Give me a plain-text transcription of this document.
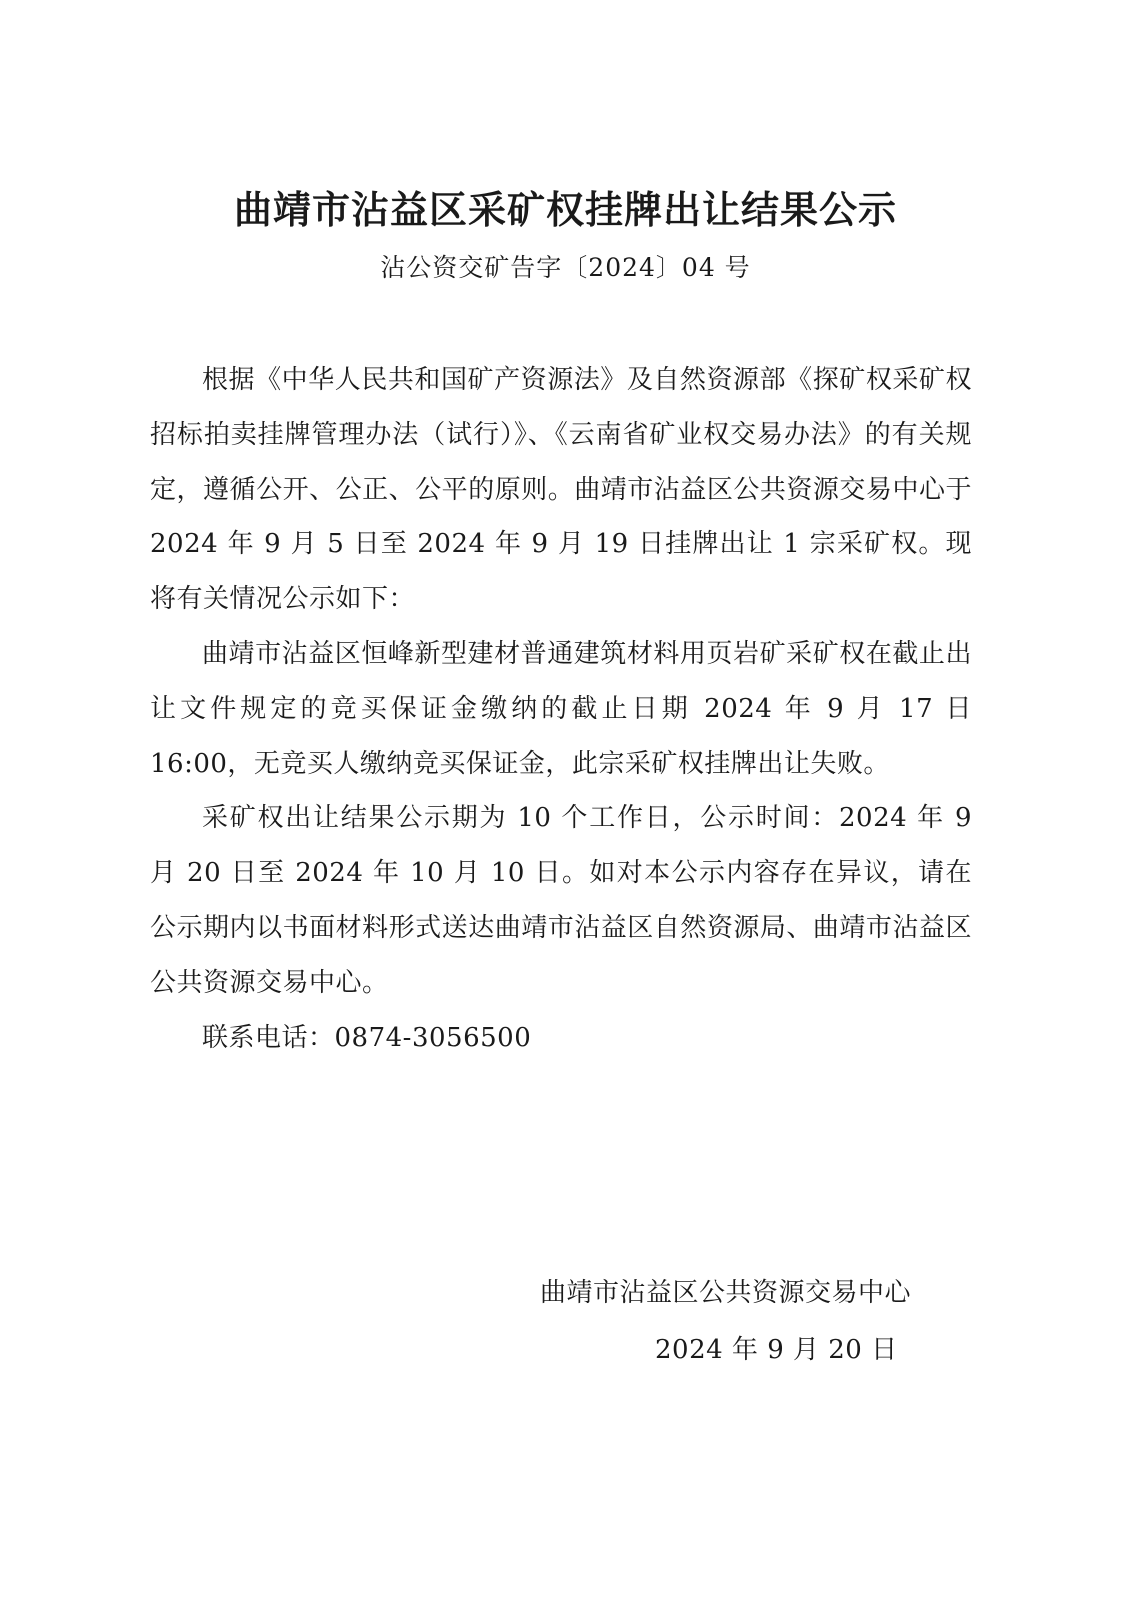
曲靖市沾益区采矿权挂牌出让结果公示
沾公资交矿告字〔2024〕04 号

根据《中华人民共和国矿产资源法》及自然资源部《探矿权采矿权招标拍卖挂牌管理办法（试行）》、《云南省矿业权交易办法》的有关规定，遵循公开、公正、公平的原则。曲靖市沾益区公共资源交易中心于 2024 年 9 月 5 日至 2024 年 9 月 19 日挂牌出让 1 宗采矿权。现将有关情况公示如下：

曲靖市沾益区恒峰新型建材普通建筑材料用页岩矿采矿权在截止出让文件规定的竞买保证金缴纳的截止日期 2024 年 9 月 17 日 16:00，无竞买人缴纳竞买保证金，此宗采矿权挂牌出让失败。

采矿权出让结果公示期为 10 个工作日，公示时间：2024 年 9 月 20 日至 2024 年 10 月 10 日。如对本公示内容存在异议，请在公示期内以书面材料形式送达曲靖市沾益区自然资源局、曲靖市沾益区公共资源交易中心。

联系电话：0874-3056500

曲靖市沾益区公共资源交易中心
2024 年 9 月 20 日
